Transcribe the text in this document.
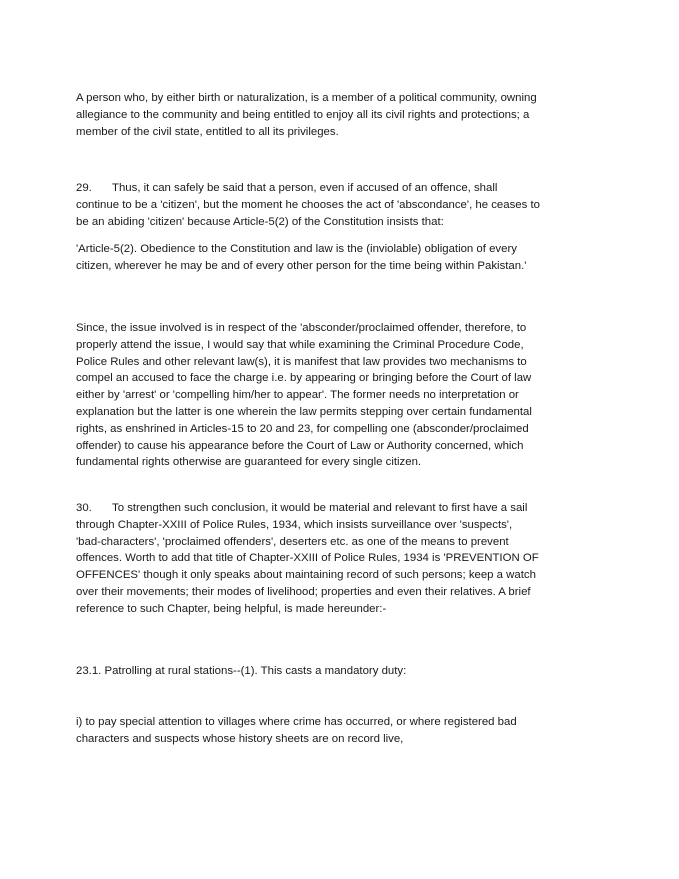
A person who, by either birth or naturalization, is a member of a political community, owning
allegiance to the community and being entitled to enjoy all its civil rights and protections; a
member of the civil state, entitled to all its privileges.

29. Thus, it can safely be said that a person, even if accused of an offence, shall
continue to be a 'citizen', but the moment he chooses the act of 'abscondance', he ceases to
be an abiding 'citizen' because Article-5(2) of the Constitution insists that:

'Article-5(2). Obedience to the Constitution and law is the (inviolable) obligation of every
citizen, wherever he may be and of every other person for the time being within Pakistan.'

Since, the issue involved is in respect of the 'absconder/proclaimed offender, therefore, to
properly attend the issue, I would say that while examining the Criminal Procedure Code,
Police Rules and other relevant law(s), it is manifest that law provides two mechanisms to
compel an accused to face the charge i.e. by appearing or bringing before the Court of law
either by 'arrest' or 'compelling him/her to appear'. The former needs no interpretation or
explanation but the latter is one wherein the law permits stepping over certain fundamental
rights, as enshrined in Articles-15 to 20 and 23, for compelling one (absconder/proclaimed
offender) to cause his appearance before the Court of Law or Authority concerned, which
fundamental rights otherwise are guaranteed for every single citizen.

30. To strengthen such conclusion, it would be material and relevant to first have a sail
through Chapter-XXIII of Police Rules, 1934, which insists surveillance over 'suspects',
'bad-characters', 'proclaimed offenders', deserters etc. as one of the means to prevent
offences. Worth to add that title of Chapter-XXIII of Police Rules, 1934 is 'PREVENTION OF
OFFENCES' though it only speaks about maintaining record of such persons; keep a watch
over their movements; their modes of livelihood; properties and even their relatives. A brief
reference to such Chapter, being helpful, is made hereunder:-

23.1. Patrolling at rural stations--(1). This casts a mandatory duty:

i) to pay special attention to villages where crime has occurred, or where registered bad
characters and suspects whose history sheets are on record live,
